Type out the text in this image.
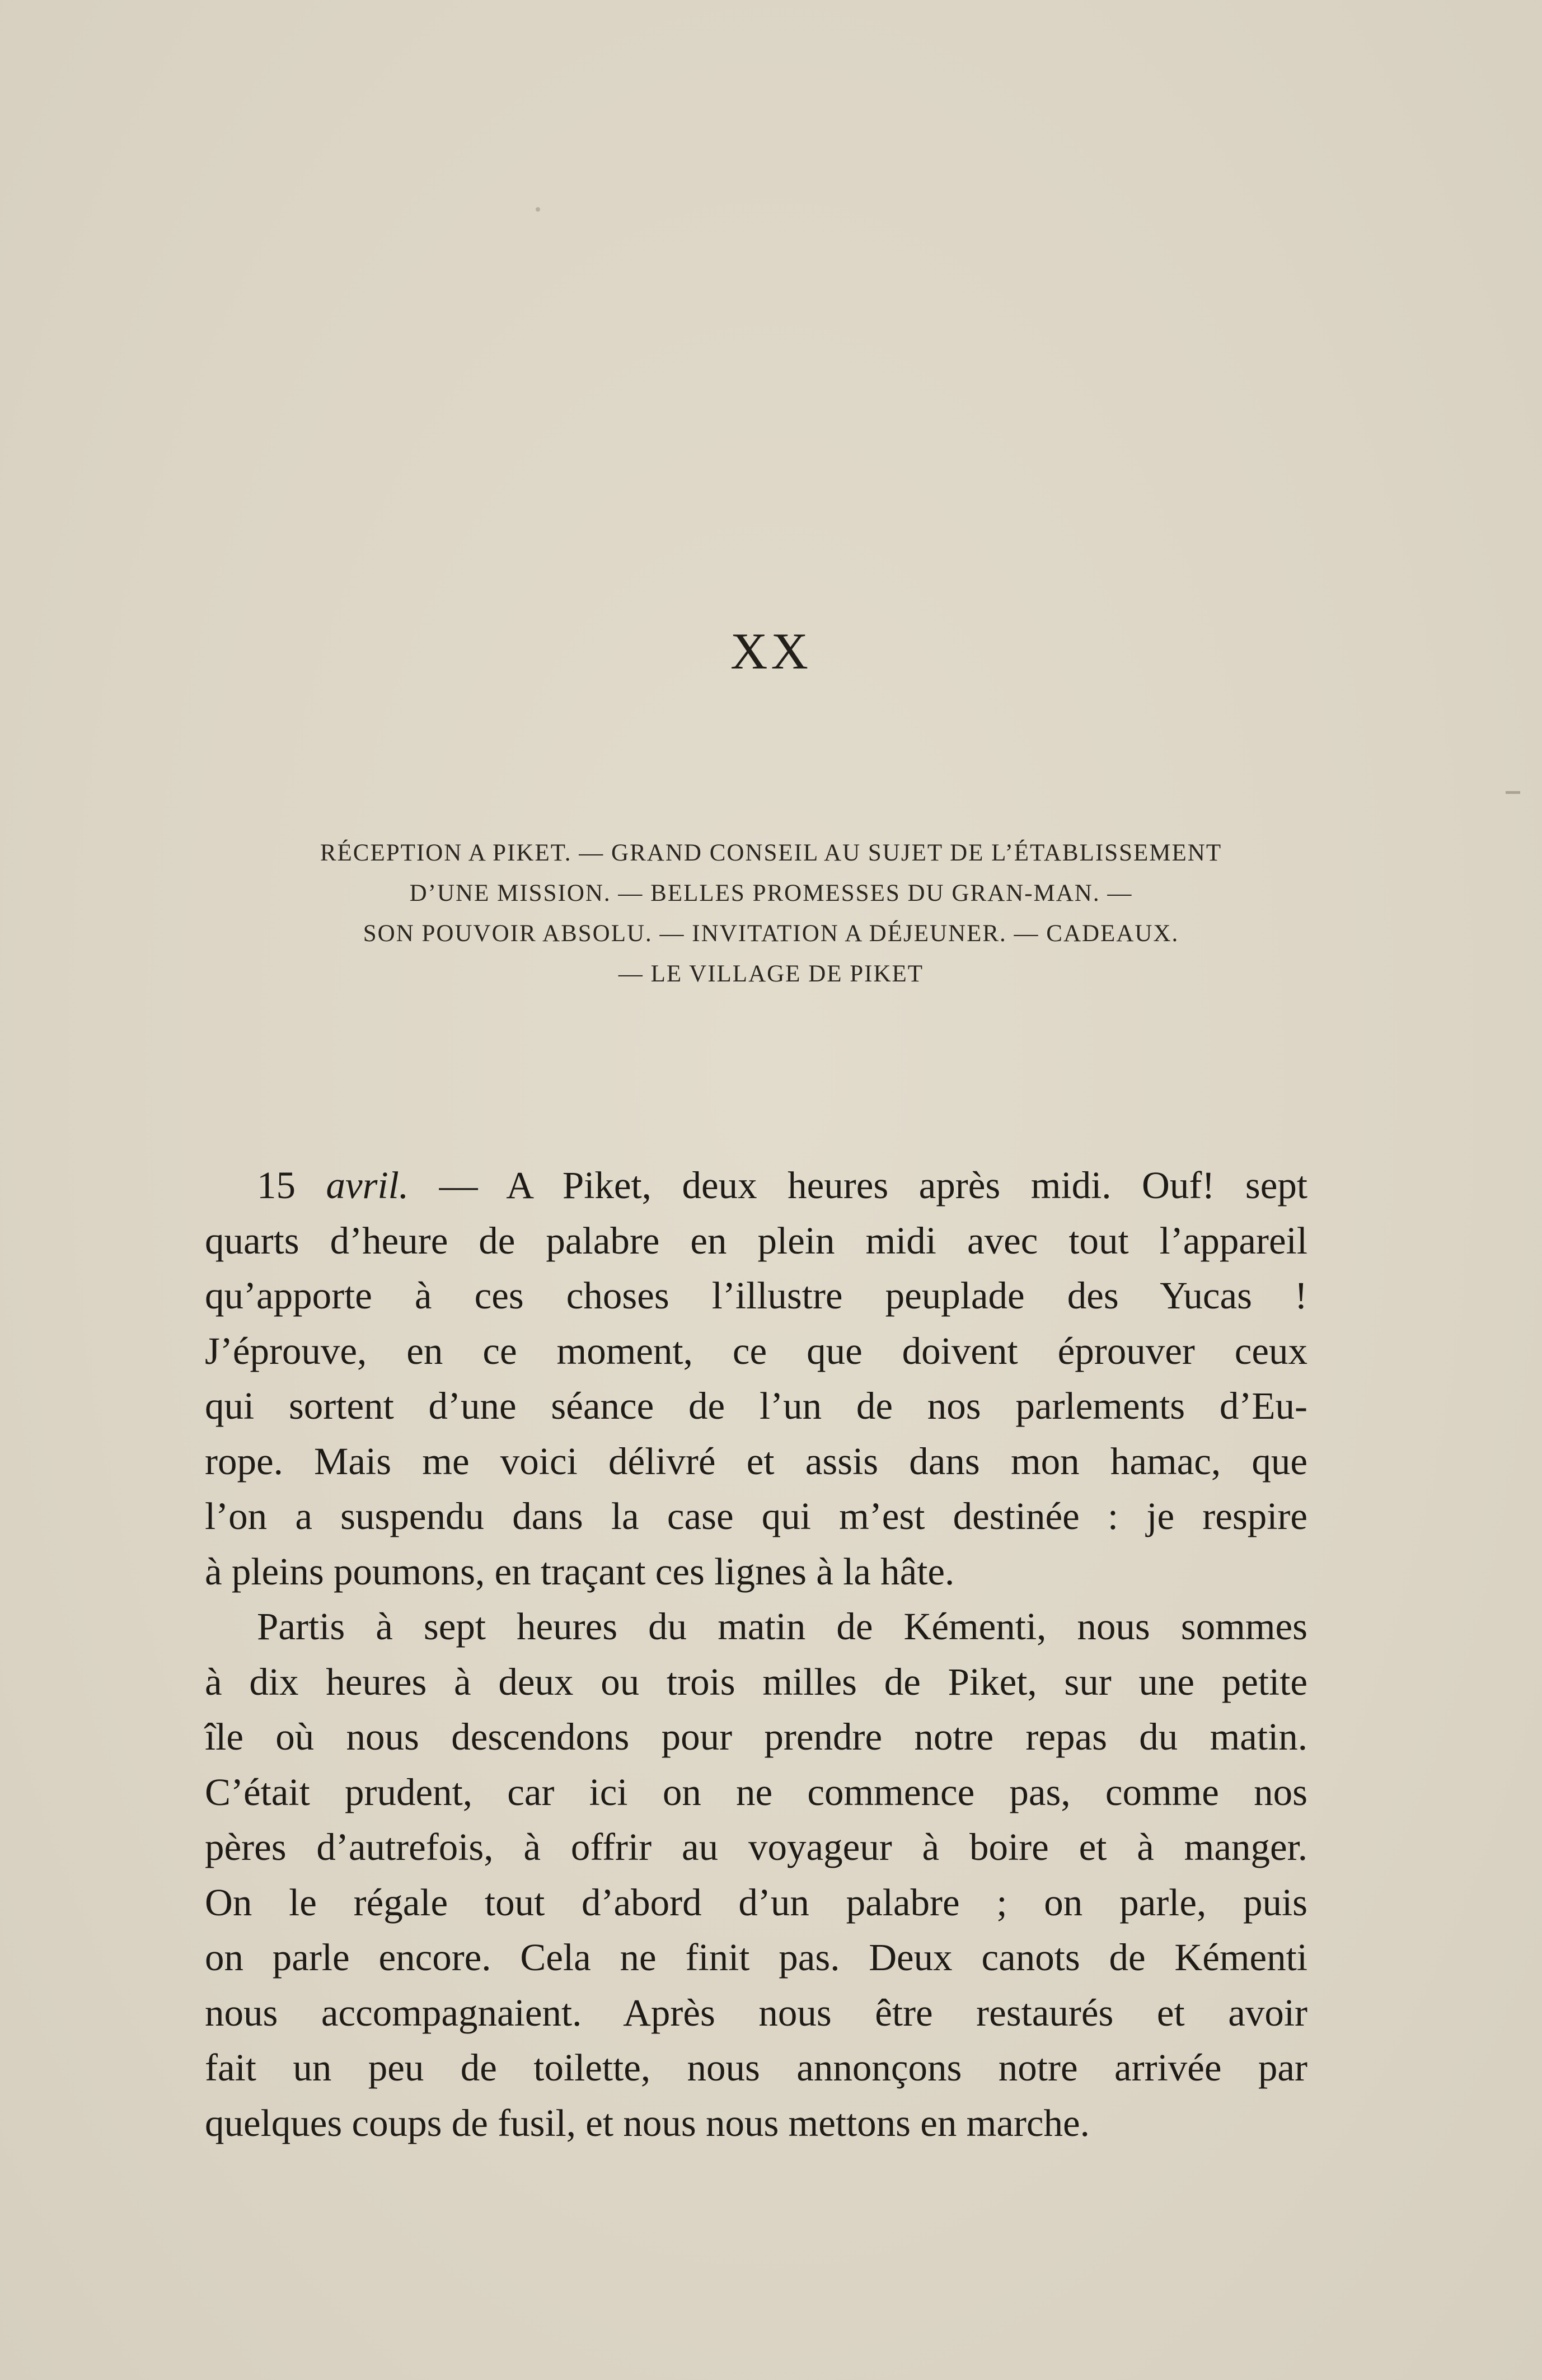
XX
RÉCEPTION A PIKET. — GRAND CONSEIL AU SUJET DE L’ÉTABLISSEMENT
D’UNE MISSION. — BELLES PROMESSES DU GRAN-MAN. —
SON POUVOIR ABSOLU. — INVITATION A DÉJEUNER. — CADEAUX.
— LE VILLAGE DE PIKET
15 avril. — A Piket, deux heures après midi. Ouf! sept
quarts d’heure de palabre en plein midi avec tout l’appareil
qu’apporte à ces choses l’illustre peuplade des Yucas !
J’éprouve, en ce moment, ce que doivent éprouver ceux
qui sortent d’une séance de l’un de nos parlements d’Eu-
rope. Mais me voici délivré et assis dans mon hamac, que
l’on a suspendu dans la case qui m’est destinée : je respire
à pleins poumons, en traçant ces lignes à la hâte.
Partis à sept heures du matin de Kémenti, nous sommes
à dix heures à deux ou trois milles de Piket, sur une petite
île où nous descendons pour prendre notre repas du matin.
C’était prudent, car ici on ne commence pas, comme nos
pères d’autrefois, à offrir au voyageur à boire et à manger.
On le régale tout d’abord d’un palabre ; on parle, puis
on parle encore. Cela ne finit pas. Deux canots de Kémenti
nous accompagnaient. Après nous être restaurés et avoir
fait un peu de toilette, nous annonçons notre arrivée par
quelques coups de fusil, et nous nous mettons en marche.
